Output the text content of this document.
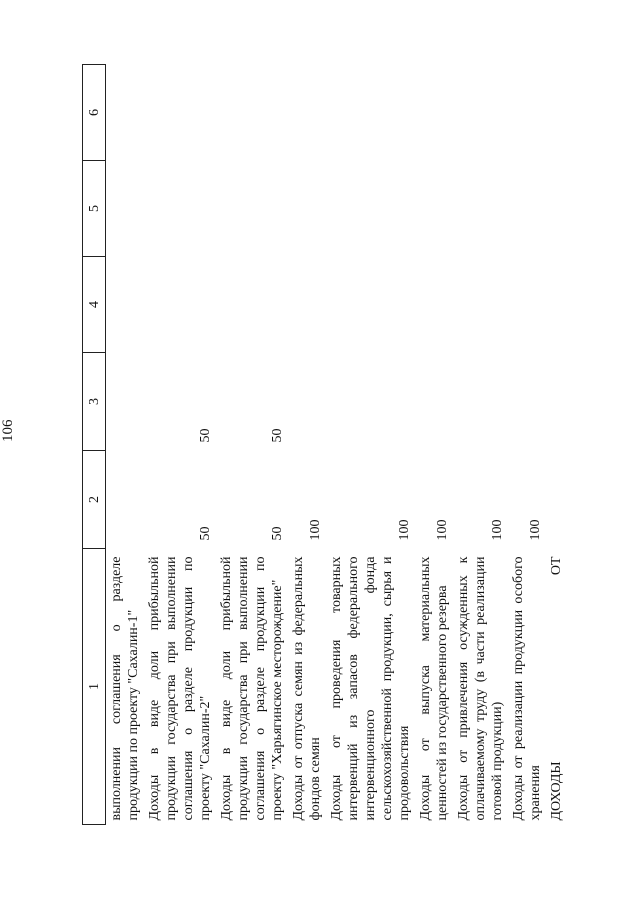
106
1	2	3	4	5	6
выполнении соглашения о разделе продукции по проекту "Сахалин-1"					
Доходы в виде доли прибыльной продукции государства при выполнении соглашения о разделе продукции по проекту "Сахалин-2"	50	50			
Доходы в виде доли прибыльной продукции государства при выполнении соглашения о разделе продукции по проекту "Харьягинское месторождение"	50	50			
Доходы от отпуска семян из федеральных фондов семян	100				
Доходы от проведения товарных интервенций из запасов федерального интервенционного фонда сельскохозяйственной продукции, сырья и продовольствия	100				
Доходы от выпуска материальных ценностей из государственного резерва	100				
Доходы от привлечения осужденных к оплачиваемому труду (в части реализации готовой продукции)	100				
Доходы от реализации продукции особого хранения	100				
ДОХОДЫ ОТ					
